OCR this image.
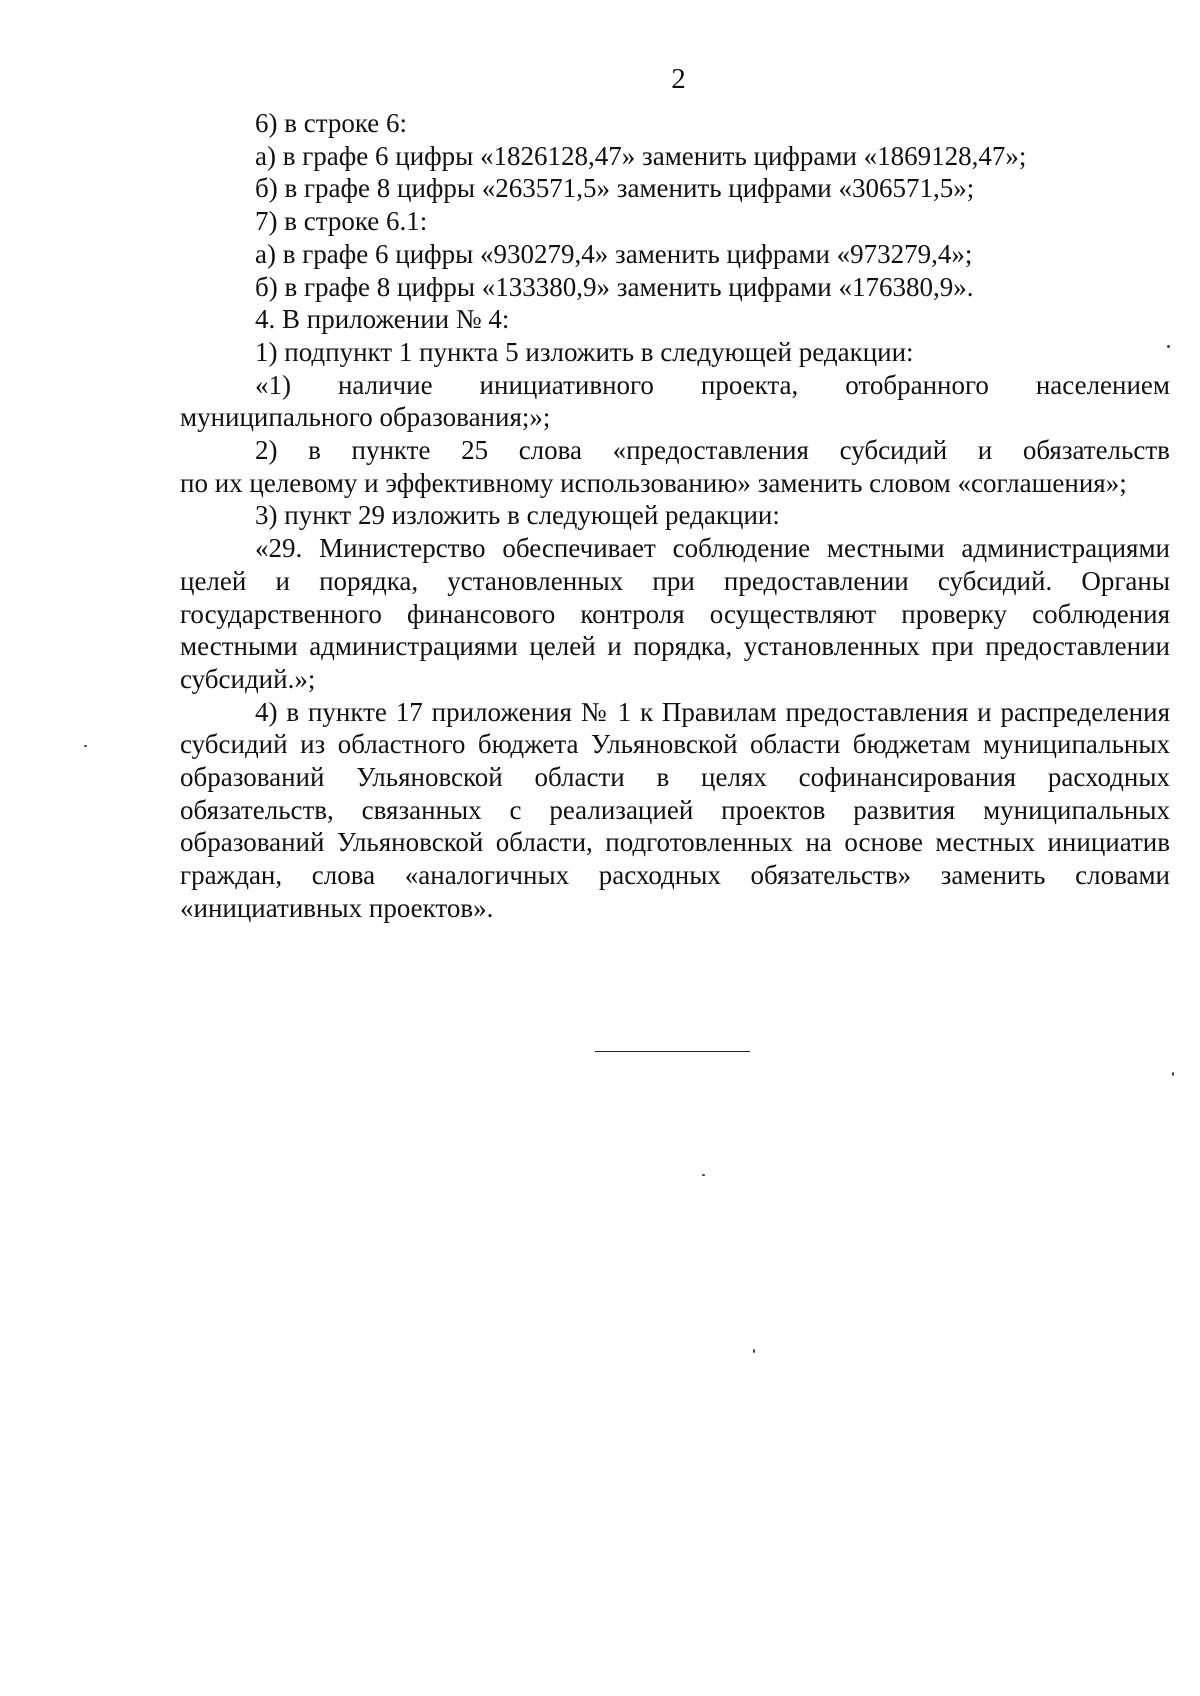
2

6) в строке 6:

а) в графе 6 цифры «1826128,47» заменить цифрами «1869128,47»;

б) в графе 8 цифры «263571,5» заменить цифрами «306571,5»;

7) в строке 6.1:

а) в графе 6 цифры «930279,4» заменить цифрами «973279,4»;

б) в графе 8 цифры «133380,9» заменить цифрами «176380,9».

4. В приложении № 4:

1) подпункт 1 пункта 5 изложить в следующей редакции:

«1) наличие инициативного проекта, отобранного населением

муниципального образования;»;

2) в пункте 25 слова «предоставления субсидий и обязательств

по их целевому и эффективному использованию» заменить словом «соглашения»;

3) пункт 29 изложить в следующей редакции:

«29. Министерство обеспечивает соблюдение местными администрациями целей и порядка, установленных при предоставлении субсидий. Органы государственного финансового контроля осуществляют проверку соблюдения местными администрациями целей и порядка, установленных при предоставлении субсидий.»;

4) в пункте 17 приложения № 1 к Правилам предоставления и распределения субсидий из областного бюджета Ульяновской области бюджетам муниципальных образований Ульяновской области в целях софинансирования расходных обязательств, связанных с реализацией проектов развития муниципальных образований Ульяновской области, подготовленных на основе местных инициатив граждан, слова «аналогичных расходных обязательств» заменить словами «инициативных проектов».
